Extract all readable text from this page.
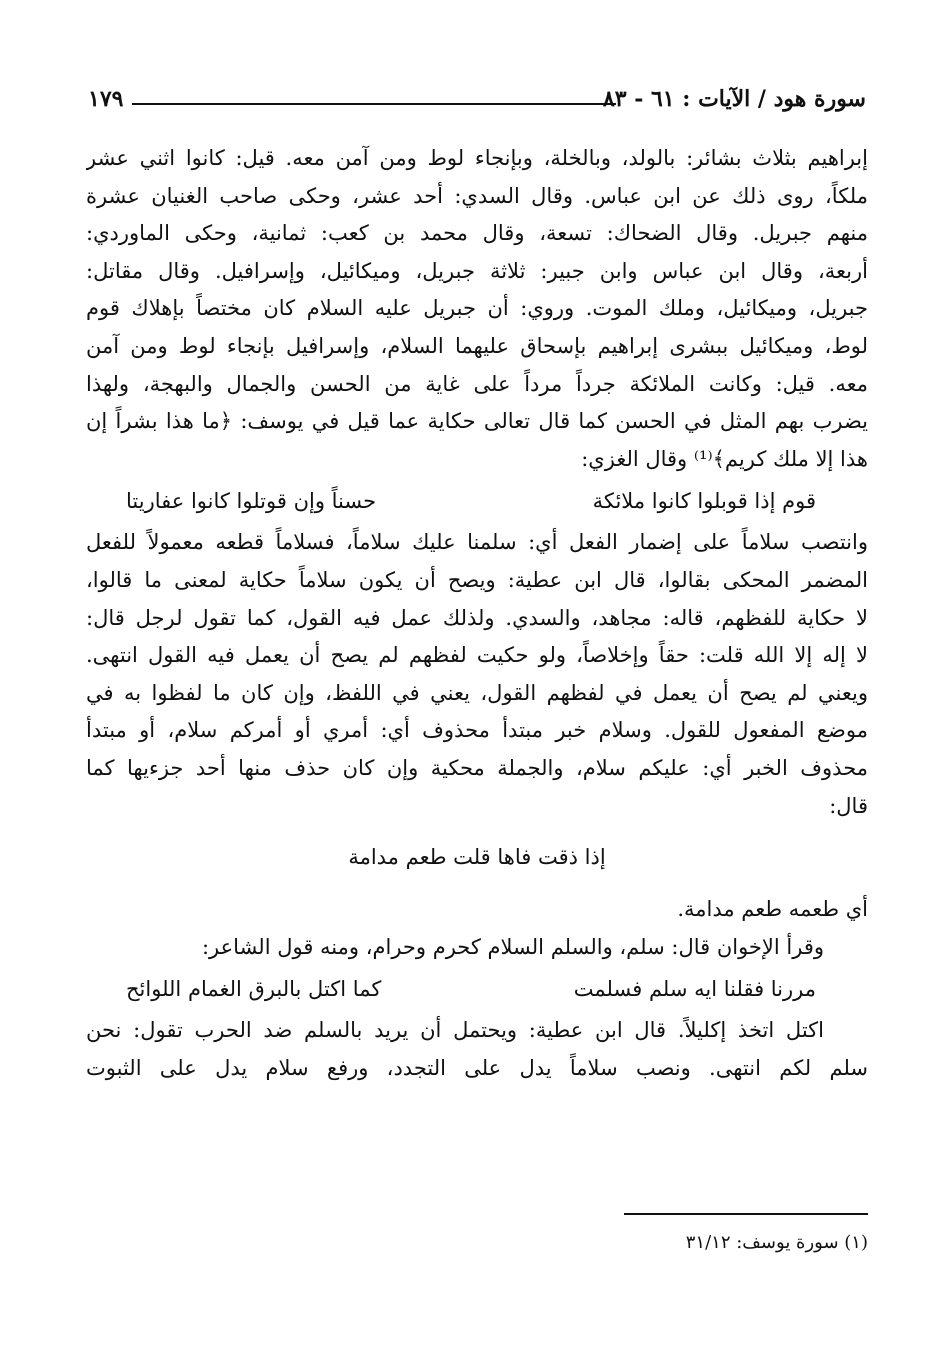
سورة هود / الآيات : ٦١ - ٨٣
١٧٩
إبراهيم بثلاث بشائر: بالولد، وبالخلة، وبإنجاء لوط ومن آمن معه. قيل: كانوا اثني عشر
ملكاً، روى ذلك عن ابن عباس. وقال السدي: أحد عشر، وحكى صاحب الغنيان عشرة
منهم جبريل. وقال الضحاك: تسعة، وقال محمد بن كعب: ثمانية، وحكى الماوردي:
أربعة، وقال ابن عباس وابن جبير: ثلاثة جبريل، وميكائيل، وإسرافيل. وقال مقاتل:
جبريل، وميكائيل، وملك الموت. وروي: أن جبريل عليه السلام كان مختصاً بإهلاك قوم
لوط، وميكائيل ببشرى إبراهيم بإسحاق عليهما السلام، وإسرافيل بإنجاء لوط ومن آمن
معه. قيل: وكانت الملائكة جرداً مرداً على غاية من الحسن والجمال والبهجة، ولهذا
يضرب بهم المثل في الحسن كما قال تعالى حكاية عما قيل في يوسف: ﴿ما هذا بشراً إن
هذا إلا ملك كريم﴾⁽¹⁾ وقال الغزي:
قوم إذا قوبلوا كانوا ملائكة
حسناً وإن قوتلوا كانوا عفاريتا
وانتصب سلاماً على إضمار الفعل أي: سلمنا عليك سلاماً، فسلاماً قطعه معمولاً للفعل
المضمر المحكى بقالوا، قال ابن عطية: ويصح أن يكون سلاماً حكاية لمعنى ما قالوا،
لا حكاية للفظهم، قاله: مجاهد، والسدي. ولذلك عمل فيه القول، كما تقول لرجل قال:
لا إله إلا الله قلت: حقاً وإخلاصاً، ولو حكيت لفظهم لم يصح أن يعمل فيه القول انتهى.
ويعني لم يصح أن يعمل في لفظهم القول، يعني في اللفظ، وإن كان ما لفظوا به في
موضع المفعول للقول. وسلام خبر مبتدأ محذوف أي: أمري أو أمركم سلام، أو مبتدأ
محذوف الخبر أي: عليكم سلام، والجملة محكية وإن كان حذف منها أحد جزءيها كما
قال:
إذا ذقت فاها قلت طعم مدامة
أي طعمه طعم مدامة.
وقرأ الإخوان قال: سلم، والسلم السلام كحرم وحرام، ومنه قول الشاعر:
مررنا فقلنا ايه سلم فسلمت
كما اكتل بالبرق الغمام اللوائح
اكتل اتخذ إكليلاً. قال ابن عطية: ويحتمل أن يريد بالسلم ضد الحرب تقول: نحن
سلم لكم انتهى. ونصب سلاماً يدل على التجدد، ورفع سلام يدل على الثبوت
(١) سورة يوسف: ٣١/١٢
